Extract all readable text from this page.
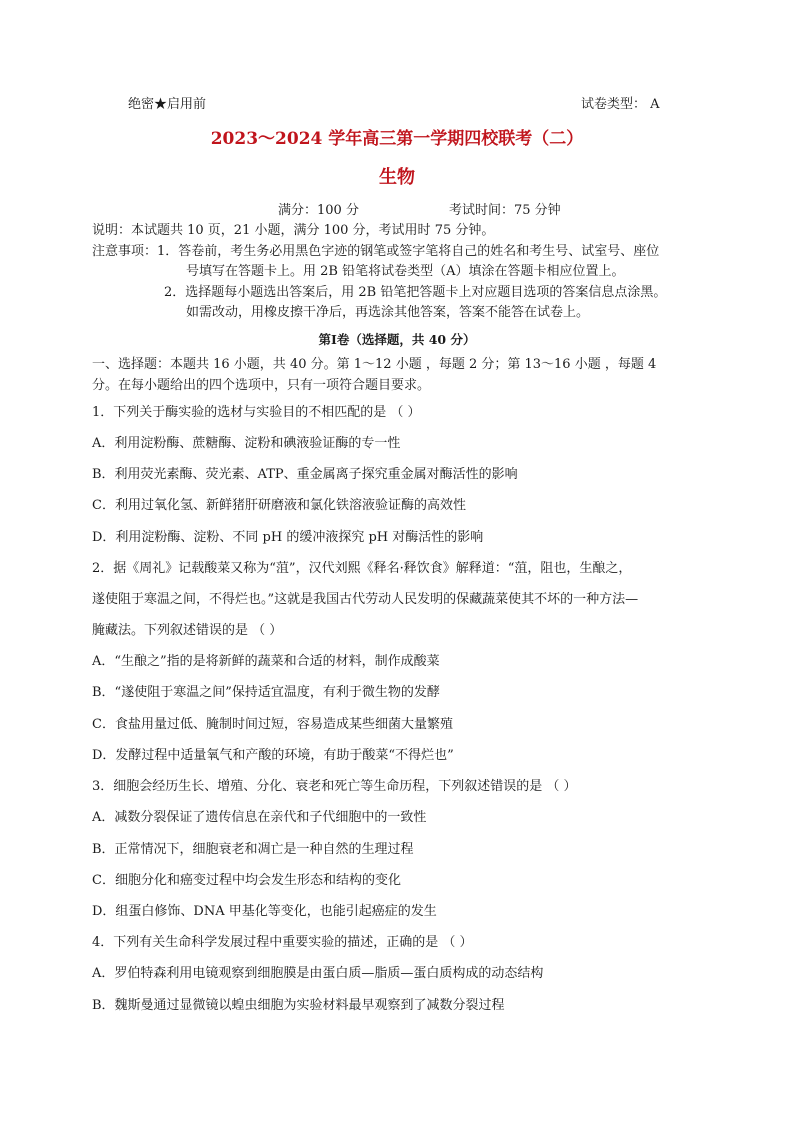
绝密★启用前	试卷类型： A
2023～2024 学年高三第一学期四校联考（二）
生物
满分：100 分	考试时间：75 分钟
说明：本试题共 10 页，21 小题，满分 100 分，考试用时 75 分钟。
注意事项：1．答卷前，考生务必用黑色字迹的钢笔或签字笔将自己的姓名和考生号、试室号、座位
号填写在答题卡上。用 2B 铅笔将试卷类型（A）填涂在答题卡相应位置上。
2．选择题每小题选出答案后，用 2B 铅笔把答题卡上对应题目选项的答案信息点涂黑。
如需改动，用橡皮擦干净后，再选涂其他答案，答案不能答在试卷上。
第Ⅰ卷（选择题，共 40 分）
一、选择题：本题共 16 小题，共 40 分。第 1～12 小题 ，每题 2 分；第 13～16 小题 ，每题 4
分。在每小题给出的四个选项中，只有一项符合题目要求。
1．下列关于酶实验的选材与实验目的不相匹配的是 （ ）
A．利用淀粉酶、蔗糖酶、淀粉和碘液验证酶的专一性
B．利用荧光素酶、荧光素、ATP、重金属离子探究重金属对酶活性的影响
C．利用过氧化氢、新鲜猪肝研磨液和氯化铁溶液验证酶的高效性
D．利用淀粉酶、淀粉、不同 pH 的缓冲液探究 pH 对酶活性的影响
2．据《周礼》记载酸菜又称为“菹”，汉代刘熙《释名·释饮食》解释道：“菹，阻也，生酿之，
遂使阻于寒温之间，不得烂也。”这就是我国古代劳动人民发明的保藏蔬菜使其不坏的一种方法—
腌藏法。下列叙述错误的是 （ ）
A．“生酿之”指的是将新鲜的蔬菜和合适的材料，制作成酸菜
B．“遂使阻于寒温之间”保持适宜温度，有利于微生物的发酵
C．食盐用量过低、腌制时间过短，容易造成某些细菌大量繁殖
D．发酵过程中适量氧气和产酸的环境，有助于酸菜“不得烂也”
3．细胞会经历生长、增殖、分化、衰老和死亡等生命历程，下列叙述错误的是 （ ）
A．减数分裂保证了遗传信息在亲代和子代细胞中的一致性
B．正常情况下，细胞衰老和凋亡是一种自然的生理过程
C．细胞分化和癌变过程中均会发生形态和结构的变化
D．组蛋白修饰、DNA 甲基化等变化，也能引起癌症的发生
4．下列有关生命科学发展过程中重要实验的描述，正确的是 （ ）
A．罗伯特森利用电镜观察到细胞膜是由蛋白质—脂质—蛋白质构成的动态结构
B．魏斯曼通过显微镜以蝗虫细胞为实验材料最早观察到了减数分裂过程
